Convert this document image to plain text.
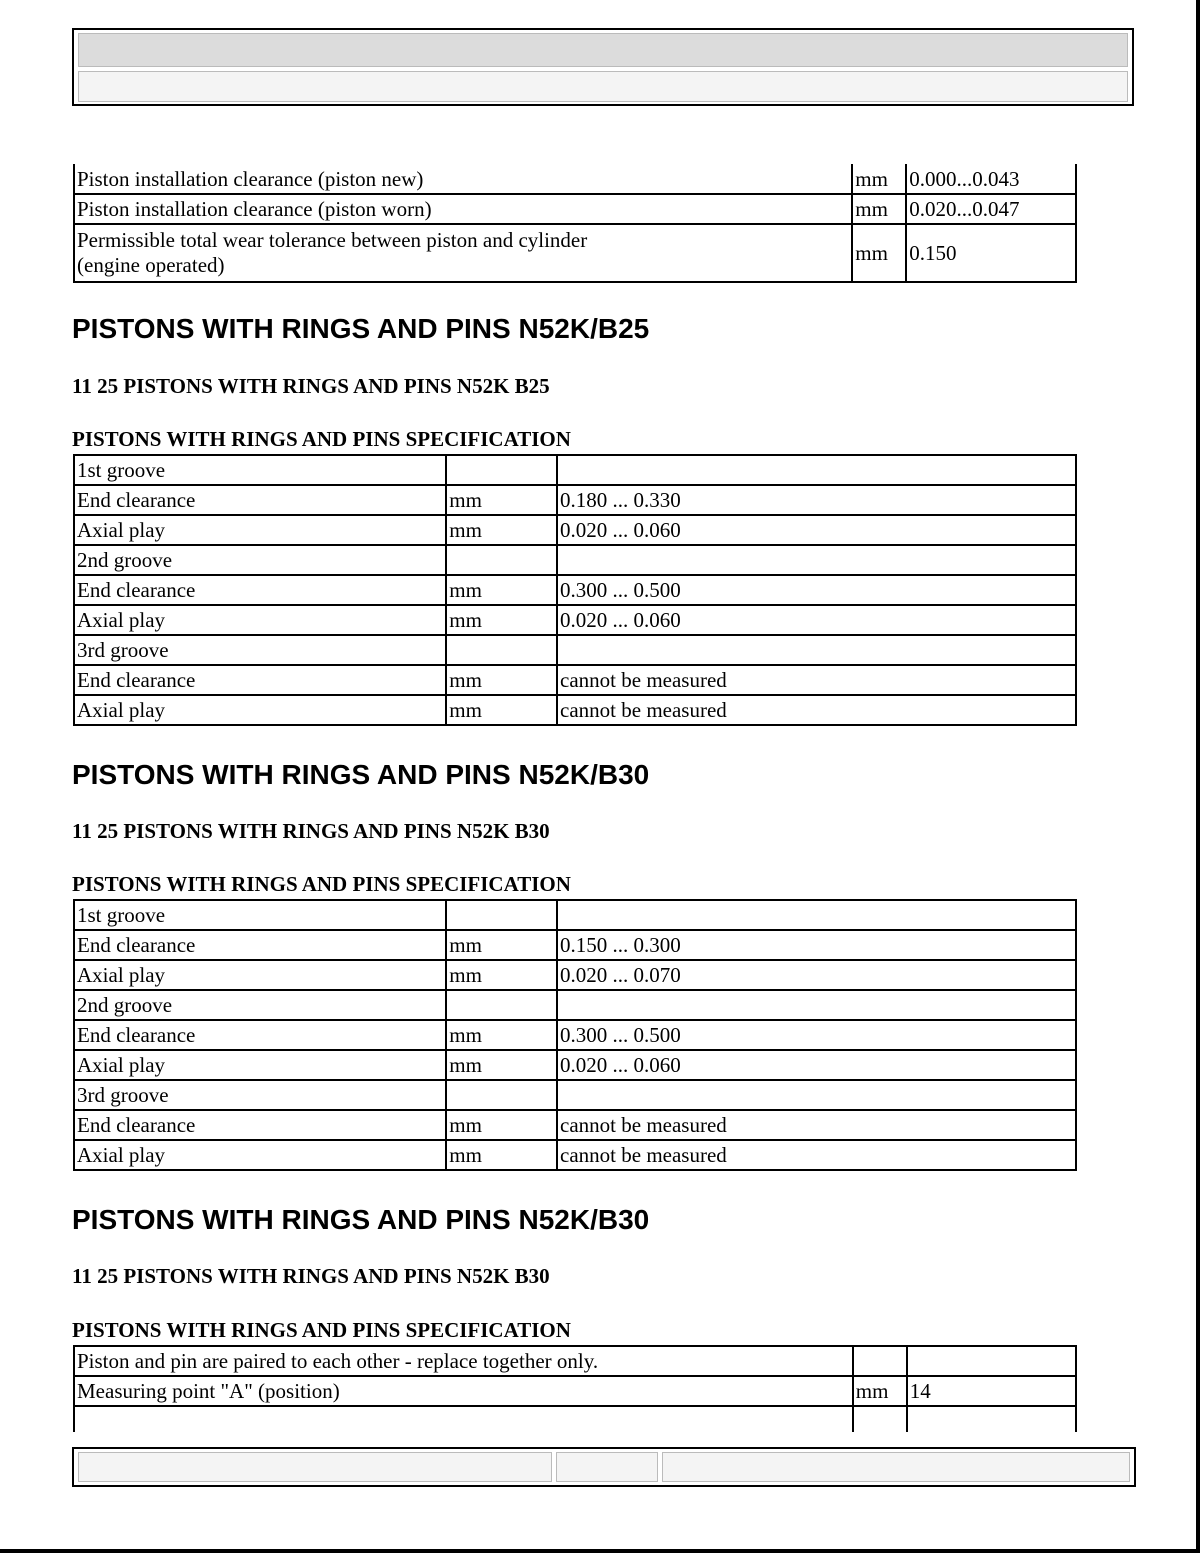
Piston installation clearance (piston new)	mm	0.000...0.043
Piston installation clearance (piston worn)	mm	0.020...0.047
Permissible total wear tolerance between piston and cylinder (engine operated)	mm	0.150
PISTONS WITH RINGS AND PINS N52K/B25
11 25 PISTONS WITH RINGS AND PINS N52K B25
PISTONS WITH RINGS AND PINS SPECIFICATION
1st groove		
End clearance	mm	0.180 ... 0.330
Axial play	mm	0.020 ... 0.060
2nd groove		
End clearance	mm	0.300 ... 0.500
Axial play	mm	0.020 ... 0.060
3rd groove		
End clearance	mm	cannot be measured
Axial play	mm	cannot be measured
PISTONS WITH RINGS AND PINS N52K/B30
11 25 PISTONS WITH RINGS AND PINS N52K B30
PISTONS WITH RINGS AND PINS SPECIFICATION
1st groove		
End clearance	mm	0.150 ... 0.300
Axial play	mm	0.020 ... 0.070
2nd groove		
End clearance	mm	0.300 ... 0.500
Axial play	mm	0.020 ... 0.060
3rd groove		
End clearance	mm	cannot be measured
Axial play	mm	cannot be measured
PISTONS WITH RINGS AND PINS N52K/B30
11 25 PISTONS WITH RINGS AND PINS N52K B30
PISTONS WITH RINGS AND PINS SPECIFICATION
Piston and pin are paired to each other - replace together only.		
Measuring point "A" (position)	mm	14
